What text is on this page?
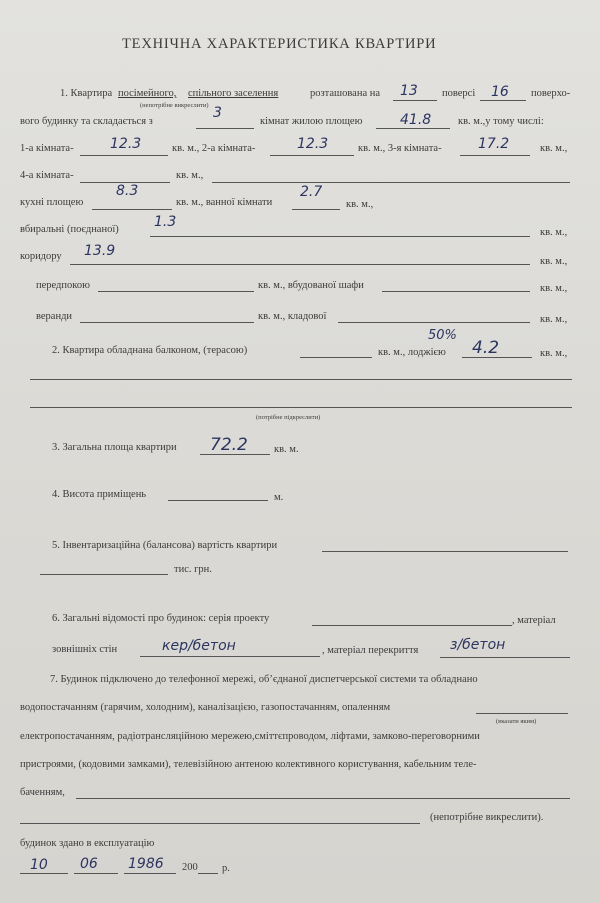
ТЕХНІЧНА ХАРАКТЕРИСТИКА КВАРТИРИ
1. Квартира посімейного, спільного заселення	розташована на 13 поверсі 16 поверхо-
(непотрібне викреслити)
вого будинку та складається з
3
кімнат жилою площею	41.8	кв. м.,у тому числі:
1-а кімната-	12.3	кв. м., 2-а кімната-	12.3	кв. м., 3-я кімната-	17.2	кв. м.,
4-а кімната-	кв. м.,
кухні площею
8.3
кв. м., ванної кімнати
2.7
кв. м.,
вбиральні (поєднаної)	1.3
кв. м.,
коридору 13.9
кв. м.,
передпокою	кв. м., вбудованої шафи	кв. м.,
веранди	кв. м., кладової	кв. м.,
2. Квартира обладнана балконом, (терасою)	кв. м., лоджією
50%
4.2	кв. м.,
(потрібне підкреслити)
3. Загальна площа квартири 72.2 кв. м.
4. Висота приміщень	м.
5. Інвентаризаційна (балансова) вартість квартири
тис. грн.
6. Загальні відомості про будинок: серія проекту	, матеріал
зовнішніх стін	кер/бетон	, матеріал перекриття з/бетон
7. Будинок підключено до телефонної мережі, об’єднаної диспетчерської системи та обладнано
водопостачанням (гарячим, холодним), каналізацією, газопостачанням, опаленням
(вказати яким)
електропостачанням, радіотрансляційною мережею,сміттєпроводом, ліфтами, замково-переговорними
пристроями, (кодовими замками), телевізійною антеною колективного користування, кабельним теле-
баченням,
(непотрібне викреслити).
будинок здано в експлуатацію
10 06 1986 200 р.
